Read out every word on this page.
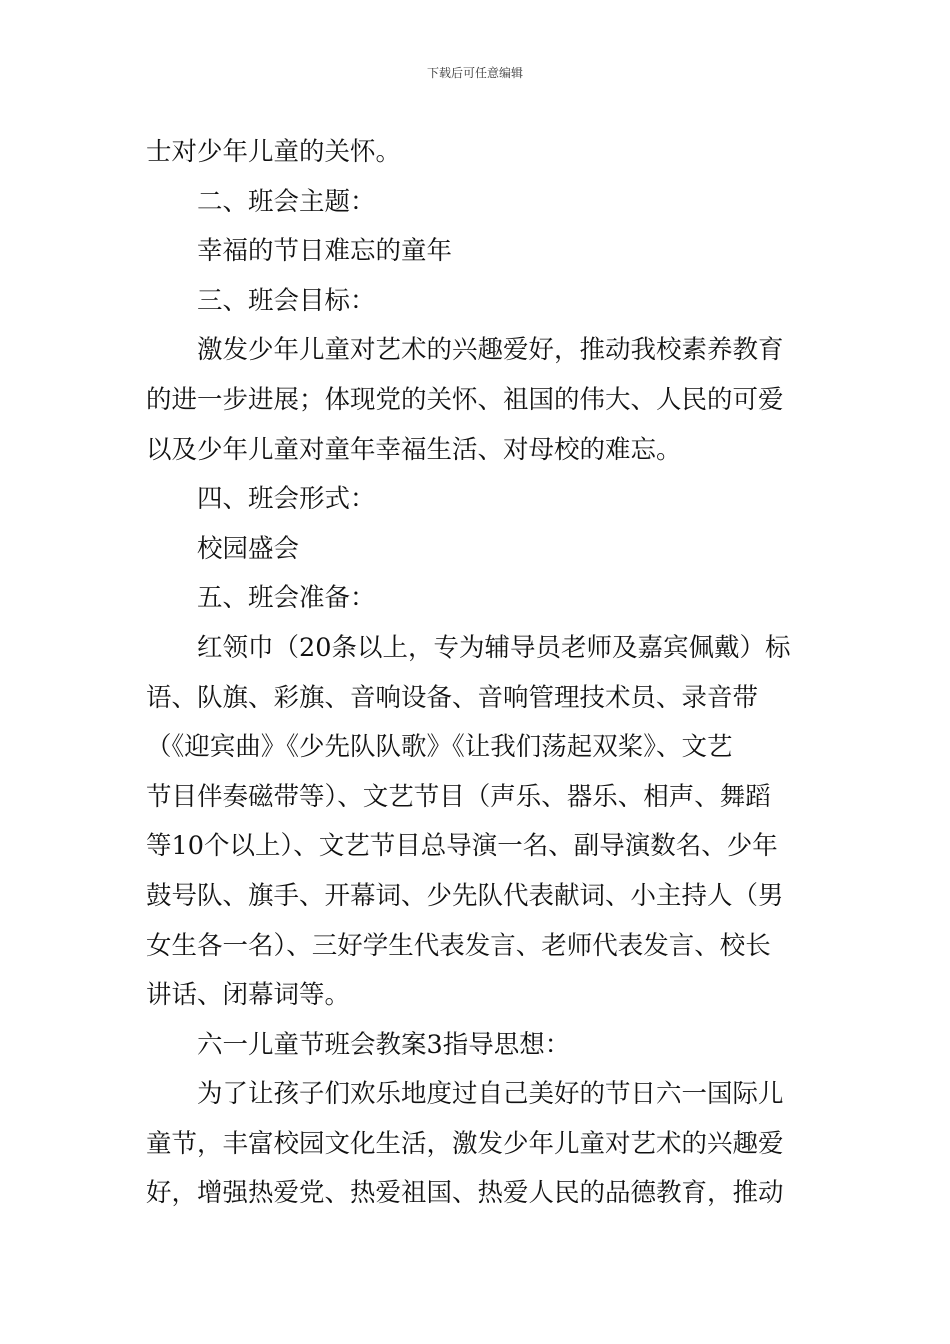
下载后可任意编辑
士对少年儿童的关怀。
二、班会主题：
幸福的节日难忘的童年
三、班会目标：
激发少年儿童对艺术的兴趣爱好，推动我校素养教育
的进一步进展；体现党的关怀、祖国的伟大、人民的可爱
以及少年儿童对童年幸福生活、对母校的难忘。
四、班会形式：
校园盛会
五、班会准备：
红领巾（20条以上，专为辅导员老师及嘉宾佩戴）标
语、队旗、彩旗、音响设备、音响管理技术员、录音带
（《迎宾曲》《少先队队歌》《让我们荡起双桨》、文艺
节目伴奏磁带等）、文艺节目（声乐、器乐、相声、舞蹈
等10个以上）、文艺节目总导演一名、副导演数名、少年
鼓号队、旗手、开幕词、少先队代表献词、小主持人（男
女生各一名）、三好学生代表发言、老师代表发言、校长
讲话、闭幕词等。
六一儿童节班会教案3指导思想：
为了让孩子们欢乐地度过自己美好的节日六一国际儿
童节，丰富校园文化生活，激发少年儿童对艺术的兴趣爱
好，增强热爱党、热爱祖国、热爱人民的品德教育，推动
